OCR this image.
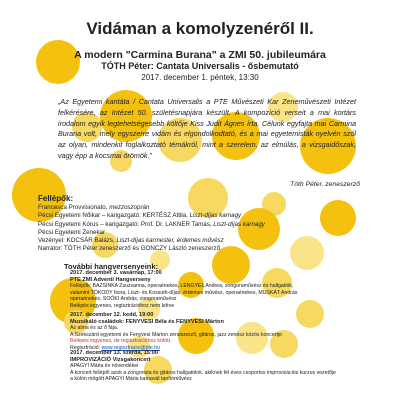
Vidáman a komolyzenéről II.

A modern "Carmina Burana" a ZMI 50. jubileumára

TÓTH Péter: Cantata Universalis - ősbemutató

2017. december 1. péntek, 13:30

„Az Egyetemi kantáta / Cantata Universalis a PTE Művészeti Kar Zeneművészeti Intézet felkérésére, az Intézet 50. születésnapjára készült. A kompozíció verseit a mai kortárs irodalom egyik legtehetségesebb költője Kiss Judit Ágnes írta. Célunk egyfajta mai Carmina Burana volt, mely egyszerre vidám és elgondolkodtató, és a mai egyetemisták nyelvén szól az olyan, mindenkit foglalkoztató témákról, mint a szerelem, az elmúlás, a vizsgaidőszak, vagy épp a kocsmai örömök.”

Tóth Péter, zeneszerző

Fellépők:

Francesca Provvisionato, mezzoszoprán
Pécsi Egyetemi Nőikar – karigazgató: KERTÉSZ Attila, Liszt-díjas karnagy
Pécsi Egyetemi Kórus – karigazgató: Prof. Dr. LAKNER Tamás, Liszt-díjas karnagy
Pécsi Egyetemi Zenekar
Vezényel: KOCSÁR Balázs, Liszt-díjas karmester, érdemes művész
Narrátor: TÓTH Péter zeneszerző és GONCZY László zeneszerző

További hangversenyeink:

2017. december 3. vasárnap, 17:00
PTE ZMI Adventi Hangverseny
Fellépők: BAZSINKA Zsuzsanna, operaénekes, LENGYEL Andrea, zongoraművész és hallgatóik,
valamint TÓKODY Ilona, Liszt- és Kossuth-díjas, érdemes művész, operaénekes, MUSKÁT András
operaénekes, SOÓKI András, zongoraművész
Belépés ingyenes, regisztrációhoz nem kötve
2017. december 12. kedd, 19:00
Muzsikáló családok: FENYVESI Béla és FENYVESI Márton
Az alma és az ő fája.
A Szekszárd egyetemi és Fenyvesi Márton zeneszerző, gitáros, jazz zenész közös koncertje
Belépés ingyenes, de regisztrációhoz kötött.
Regisztráció: www.regisztracio@pte.hu
2017. december 13. szerda, 15:00
IMPROVIZÁCIÓ Vizsgakoncert
APAGYI Mária és növendékei
A koncert fellépői azok a zongorista és gitáros hallgatóink, akiknek fél éves csoportos improvizációs kurzus vezetője
a külön mögött APAGYI Mária karnavál tanítóművész
